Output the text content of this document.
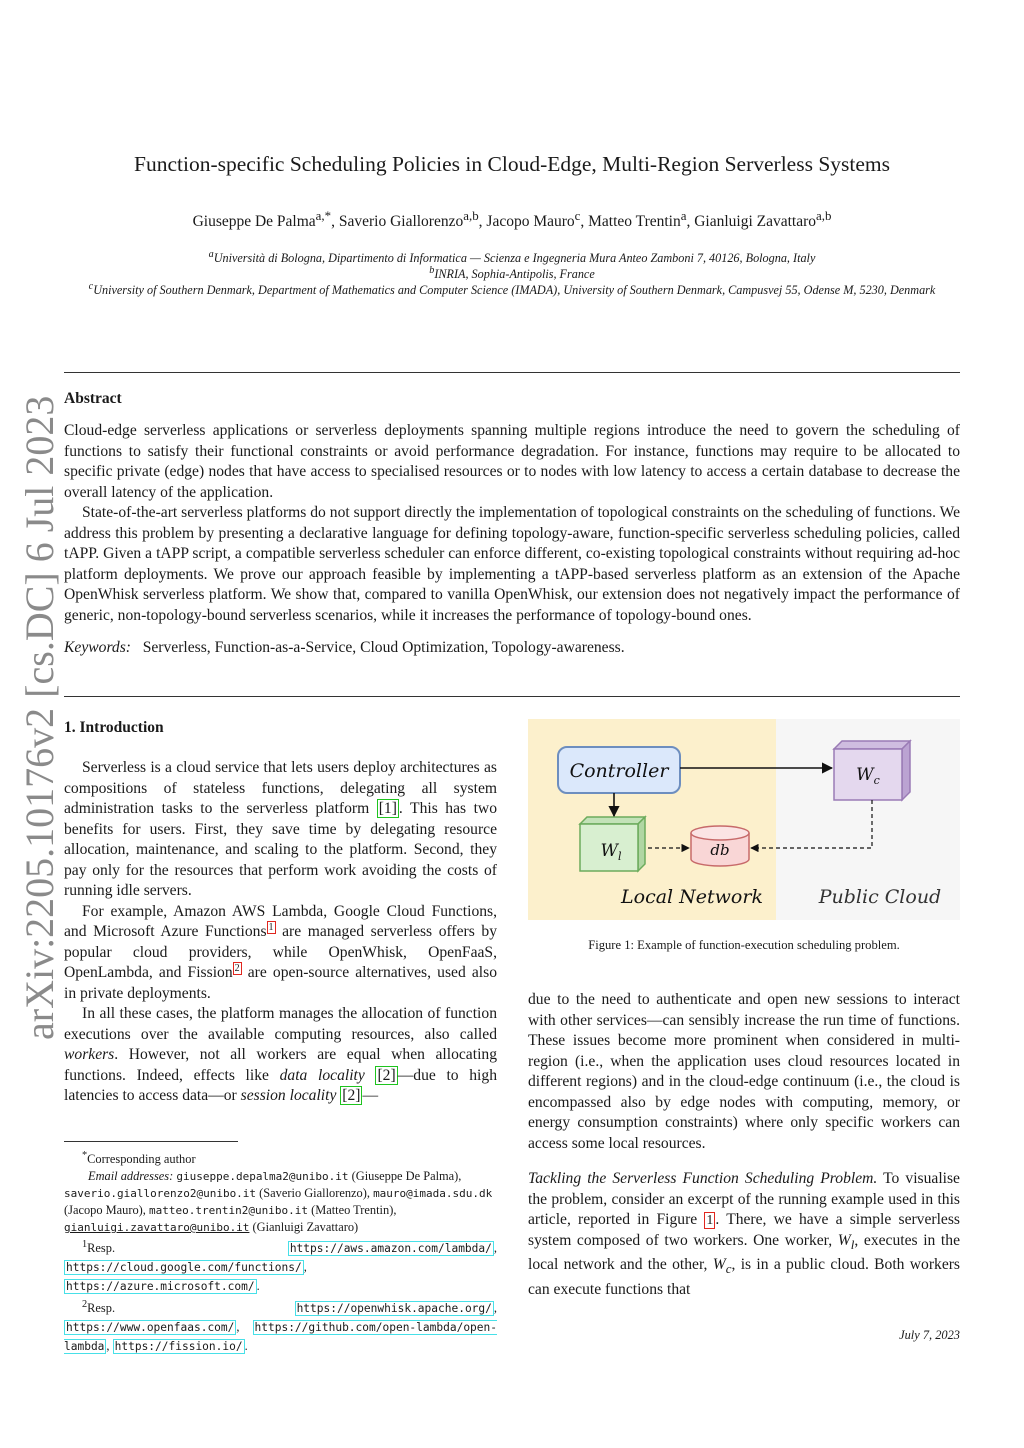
arXiv:2205.10176v2 [cs.DC] 6 Jul 2023
Function-specific Scheduling Policies in Cloud-Edge, Multi-Region Serverless Systems
Giuseppe De Palma$^{a,*}$, Saverio Giallorenzo$^{a,b}$, Jacopo Mauro$^c$, Matteo Trentin$^a$, Gianluigi Zavattaro$^{a,b}$
$^a$Università di Bologna, Dipartimento di Informatica — Scienza e Ingegneria Mura Anteo Zamboni 7, 40126, Bologna, Italy
$^b$INRIA, Sophia-Antipolis, France
$^c$University of Southern Denmark, Department of Mathematics and Computer Science (IMADA), University of Southern Denmark, Campusvej 55, Odense M, 5230, Denmark
Abstract

Cloud-edge serverless applications or serverless deployments spanning multiple regions introduce the need to govern the scheduling of functions to satisfy their functional constraints or avoid performance degradation. For instance, functions may require to be allocated to specific private (edge) nodes that have access to specialised resources or to nodes with low latency to access a certain database to decrease the overall latency of the application.

State-of-the-art serverless platforms do not support directly the implementation of topological constraints on the scheduling of functions. We address this problem by presenting a declarative language for defining topology-aware, function-specific serverless scheduling policies, called tAPP. Given a tAPP script, a compatible serverless scheduler can enforce different, co-existing topological constraints without requiring ad-hoc platform deployments. We prove our approach feasible by implementing a tAPP-based serverless platform as an extension of the Apache OpenWhisk serverless platform. We show that, compared to vanilla OpenWhisk, our extension does not negatively impact the performance of generic, non-topology-bound serverless scenarios, while it increases the performance of topology-bound ones.

Keywords: Serverless, Function-as-a-Service, Cloud Optimization, Topology-awareness.

1. Introduction

Serverless is a cloud service that lets users deploy architectures as compositions of stateless functions, delegating all system administration tasks to the serverless platform [1] . This has two benefits for users. First, they save time by delegating resource allocation, maintenance, and scaling to the platform. Second, they pay only for the resources that perform work avoiding the costs of running idle servers.

For example, Amazon AWS Lambda, Google Cloud Functions, and Microsoft Azure Functions $^1$ are managed serverless offers by popular cloud providers, while OpenWhisk, OpenFaaS, OpenLambda, and Fission $^2$ are open-source alternatives, used also in private deployments.

In all these cases, the platform manages the allocation of function executions over the available computing resources, also called workers. However, not all workers are equal when allocating functions. Indeed, effects like data locality [2] —due to high latencies to access data—or session locality [2] —

*Corresponding author

Email addresses: giuseppe.depalma2@unibo.it (Giuseppe De Palma), saverio.giallorenzo2@unibo.it (Saverio Giallorenzo), mauro@imada.sdu.dk (Jacopo Mauro), matteo.trentin2@unibo.it (Matteo Trentin), gianluigi.zavattaro@unibo.it (Gianluigi Zavattaro)

$^1$Resp.	https://aws.amazon.com/lambda/ , https://cloud.google.com/functions/ , https://azure.microsoft.com/ .

$^2$Resp.	https://openwhisk.apache.org/ , https://www.openfaas.com/ , https://github.com/open-lambda/open-lambda , https://fission.io/ .

Controller	$W_c$
$W_l$	db
Local Network	Public Cloud
Figure 1: Example of function-execution scheduling problem.

due to the need to authenticate and open new sessions to interact with other services—can sensibly increase the run time of functions. These issues become more prominent when considered in multi-region (i.e., when the application uses cloud resources located in different regions) and in the cloud-edge continuum (i.e., the cloud is encompassed also by edge nodes with computing, memory, or energy consumption constraints) where only specific workers can access some local resources.

Tackling the Serverless Function Scheduling Problem. To visualise the problem, consider an excerpt of the running example used in this article, reported in Figure 1 . There, we have a simple serverless system composed of two workers. One worker, $W_l$, executes in the local network and the other, $W_c$, is in a public cloud. Both workers can execute functions that

July 7, 2023
